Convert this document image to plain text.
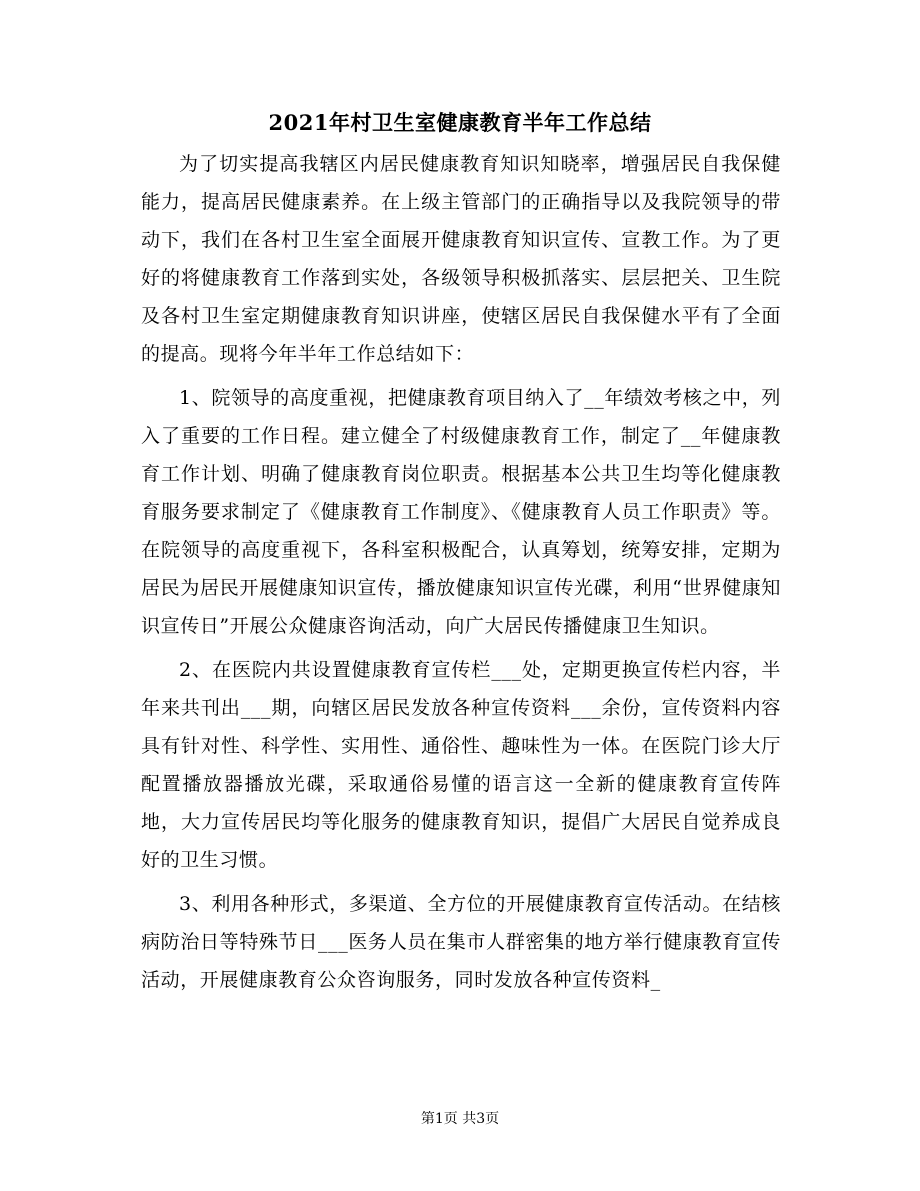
2021年村卫生室健康教育半年工作总结

为了切实提高我辖区内居民健康教育知识知晓率，增强居民自我保健能力，提高居民健康素养。在上级主管部门的正确指导以及我院领导的带动下，我们在各村卫生室全面展开健康教育知识宣传、宣教工作。为了更好的将健康教育工作落到实处，各级领导积极抓落实、层层把关、卫生院及各村卫生室定期健康教育知识讲座，使辖区居民自我保健水平有了全面的提高。现将今年半年工作总结如下：

1、院领导的高度重视，把健康教育项目纳入了__年绩效考核之中，列入了重要的工作日程。建立健全了村级健康教育工作，制定了__年健康教育工作计划、明确了健康教育岗位职责。根据基本公共卫生均等化健康教育服务要求制定了《健康教育工作制度》、《健康教育人员工作职责》等。在院领导的高度重视下，各科室积极配合，认真筹划，统筹安排，定期为居民为居民开展健康知识宣传，播放健康知识宣传光碟，利用“世界健康知识宣传日”开展公众健康咨询活动，向广大居民传播健康卫生知识。

2、在医院内共设置健康教育宣传栏___处，定期更换宣传栏内容，半年来共刊出___期，向辖区居民发放各种宣传资料___余份，宣传资料内容具有针对性、科学性、实用性、通俗性、趣味性为一体。在医院门诊大厅配置播放器播放光碟，采取通俗易懂的语言这一全新的健康教育宣传阵地，大力宣传居民均等化服务的健康教育知识，提倡广大居民自觉养成良好的卫生习惯。

3、利用各种形式，多渠道、全方位的开展健康教育宣传活动。在结核病防治日等特殊节日___医务人员在集市人群密集的地方举行健康教育宣传活动，开展健康教育公众咨询服务，同时发放各种宣传资料_

第1页 共3页
